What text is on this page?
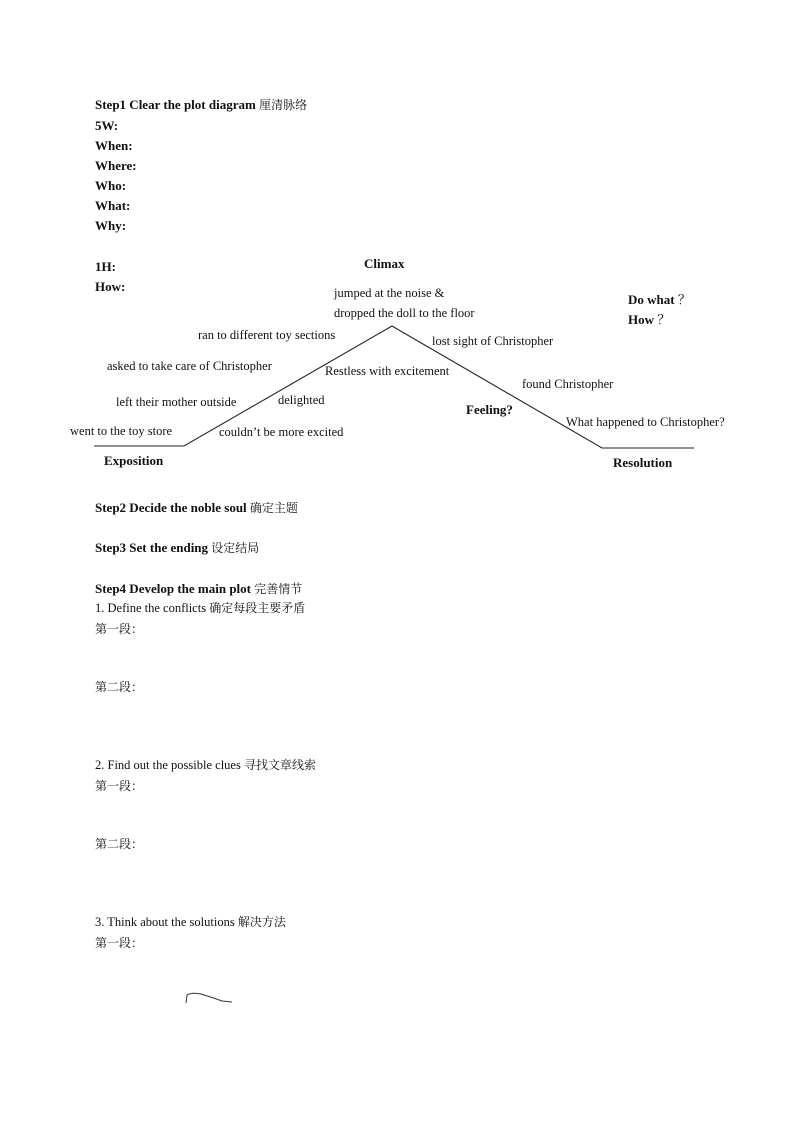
Step1 Clear the plot diagram 厘清脉络
5W:
When:
Where:
Who:
What:
Why:
1H:
How:
Climax
jumped at the noise &
dropped the doll to the floor
ran to different toy sections
asked to take care of Christopher
left their mother outside
went to the toy store
Restless with excitement
delighted
couldn’t be more excited
lost sight of Christopher
found Christopher
What happened to Christopher?
Feeling?
Exposition	Resolution
Do what ？
How ？
Step2 Decide the noble soul 确定主题
Step3 Set the ending 设定结局
Step4 Develop the main plot 完善情节
1. Define the conflicts 确定每段主要矛盾
第一段：
第二段：
2. Find out the possible clues 寻找文章线索
第一段：
第二段：
3. Think about the solutions 解决方法
第一段：
